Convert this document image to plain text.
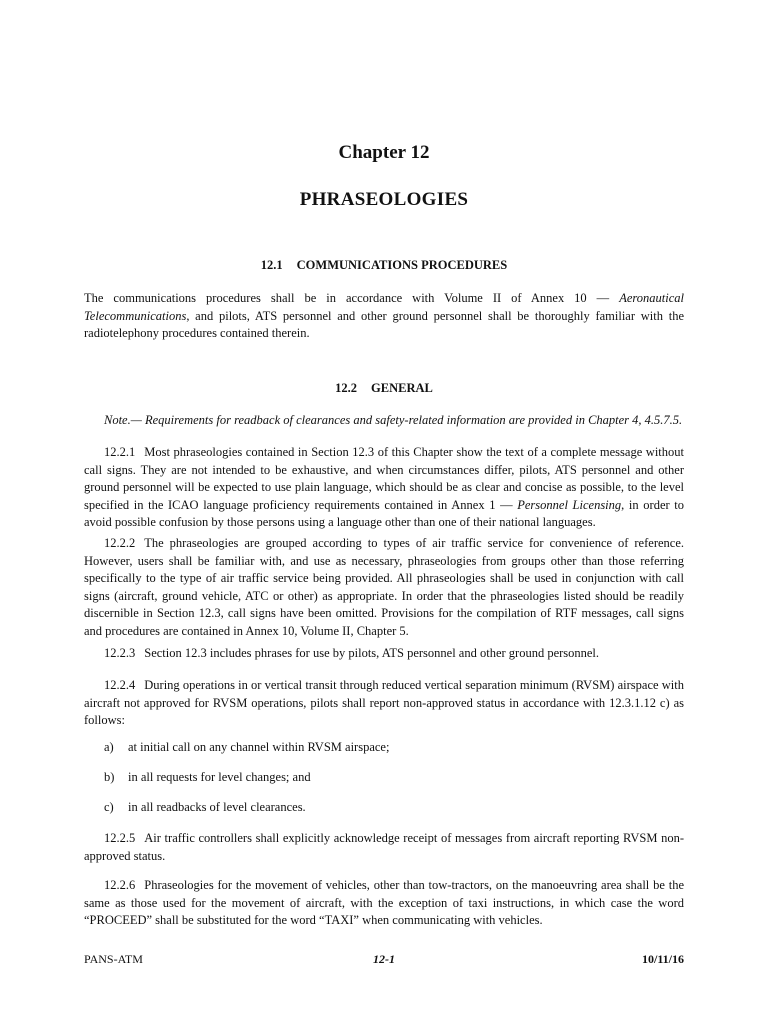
Chapter 12
PHRASEOLOGIES
12.1 COMMUNICATIONS PROCEDURES
The communications procedures shall be in accordance with Volume II of Annex 10 — Aeronautical Telecommunications, and pilots, ATS personnel and other ground personnel shall be thoroughly familiar with the radiotelephony procedures contained therein.
12.2 GENERAL
Note.— Requirements for readback of clearances and safety-related information are provided in Chapter 4, 4.5.7.5.
12.2.1 Most phraseologies contained in Section 12.3 of this Chapter show the text of a complete message without call signs. They are not intended to be exhaustive, and when circumstances differ, pilots, ATS personnel and other ground personnel will be expected to use plain language, which should be as clear and concise as possible, to the level specified in the ICAO language proficiency requirements contained in Annex 1 — Personnel Licensing, in order to avoid possible confusion by those persons using a language other than one of their national languages.
12.2.2 The phraseologies are grouped according to types of air traffic service for convenience of reference. However, users shall be familiar with, and use as necessary, phraseologies from groups other than those referring specifically to the type of air traffic service being provided. All phraseologies shall be used in conjunction with call signs (aircraft, ground vehicle, ATC or other) as appropriate. In order that the phraseologies listed should be readily discernible in Section 12.3, call signs have been omitted. Provisions for the compilation of RTF messages, call signs and procedures are contained in Annex 10, Volume II, Chapter 5.
12.2.3 Section 12.3 includes phrases for use by pilots, ATS personnel and other ground personnel.
12.2.4 During operations in or vertical transit through reduced vertical separation minimum (RVSM) airspace with aircraft not approved for RVSM operations, pilots shall report non-approved status in accordance with 12.3.1.12 c) as follows:
a) at initial call on any channel within RVSM airspace;
b) in all requests for level changes; and
c) in all readbacks of level clearances.
12.2.5 Air traffic controllers shall explicitly acknowledge receipt of messages from aircraft reporting RVSM non-approved status.
12.2.6 Phraseologies for the movement of vehicles, other than tow-tractors, on the manoeuvring area shall be the same as those used for the movement of aircraft, with the exception of taxi instructions, in which case the word “PROCEED” shall be substituted for the word “TAXI” when communicating with vehicles.
PANS-ATM	12-1	10/11/16
